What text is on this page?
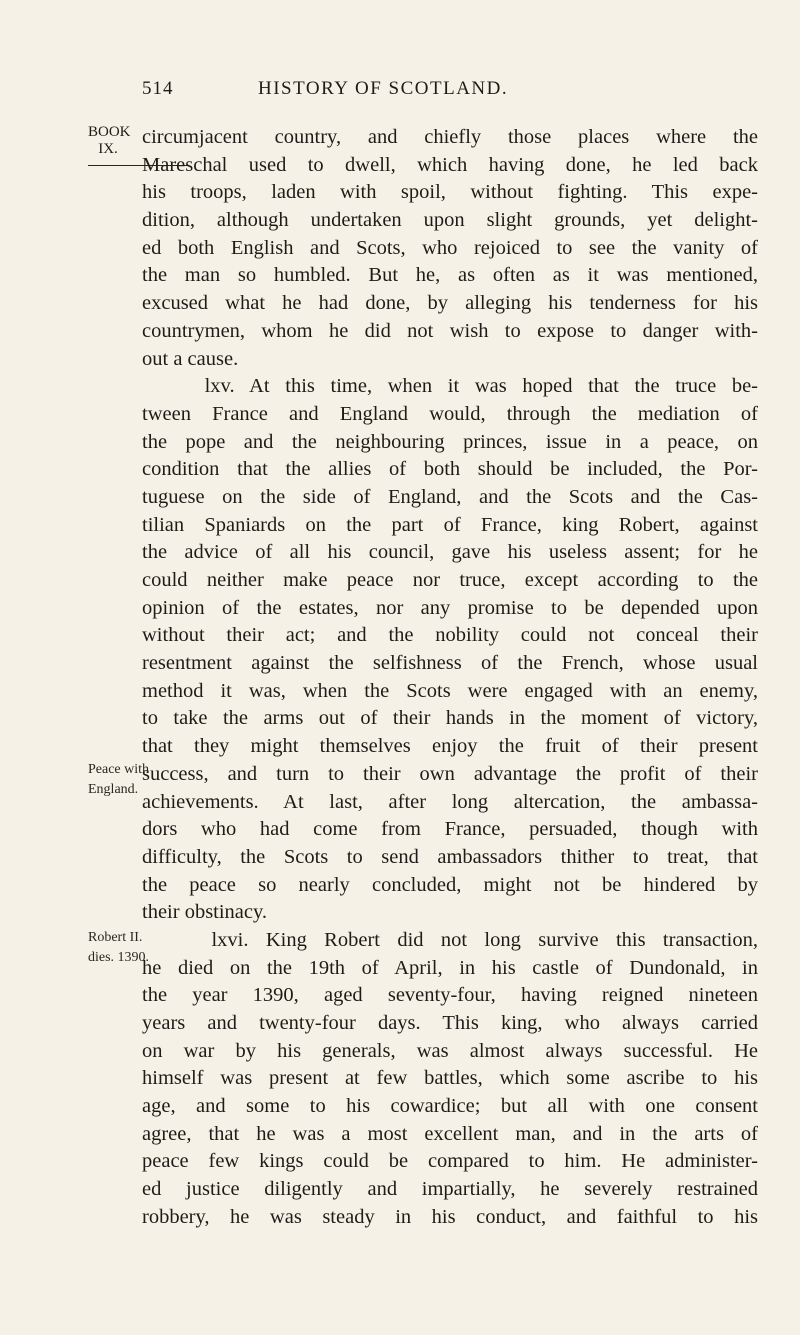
514	HISTORY OF SCOTLAND.
BOOK
IX.
Peace with
England.
Robert II.
dies. 1390.
circumjacent country, and chiefly those places where the
Mareschal used to dwell, which having done, he led back
his troops, laden with spoil, without fighting. This expe-
dition, although undertaken upon slight grounds, yet delight-
ed both English and Scots, who rejoiced to see the vanity of
the man so humbled. But he, as often as it was mentioned,
excused what he had done, by alleging his tenderness for his
countrymen, whom he did not wish to expose to danger with-
out a cause.
lxv. At this time, when it was hoped that the truce be-
tween France and England would, through the mediation of
the pope and the neighbouring princes, issue in a peace, on
condition that the allies of both should be included, the Por-
tuguese on the side of England, and the Scots and the Cas-
tilian Spaniards on the part of France, king Robert, against
the advice of all his council, gave his useless assent; for he
could neither make peace nor truce, except according to the
opinion of the estates, nor any promise to be depended upon
without their act; and the nobility could not conceal their
resentment against the selfishness of the French, whose usual
method it was, when the Scots were engaged with an enemy,
to take the arms out of their hands in the moment of victory,
that they might themselves enjoy the fruit of their present
success, and turn to their own advantage the profit of their
achievements. At last, after long altercation, the ambassa-
dors who had come from France, persuaded, though with
difficulty, the Scots to send ambassadors thither to treat, that
the peace so nearly concluded, might not be hindered by
their obstinacy.
lxvi. King Robert did not long survive this transaction,
he died on the 19th of April, in his castle of Dundonald, in
the year 1390, aged seventy-four, having reigned nineteen
years and twenty-four days. This king, who always carried
on war by his generals, was almost always successful. He
himself was present at few battles, which some ascribe to his
age, and some to his cowardice; but all with one consent
agree, that he was a most excellent man, and in the arts of
peace few kings could be compared to him. He administer-
ed justice diligently and impartially, he severely restrained
robbery, he was steady in his conduct, and faithful to his
